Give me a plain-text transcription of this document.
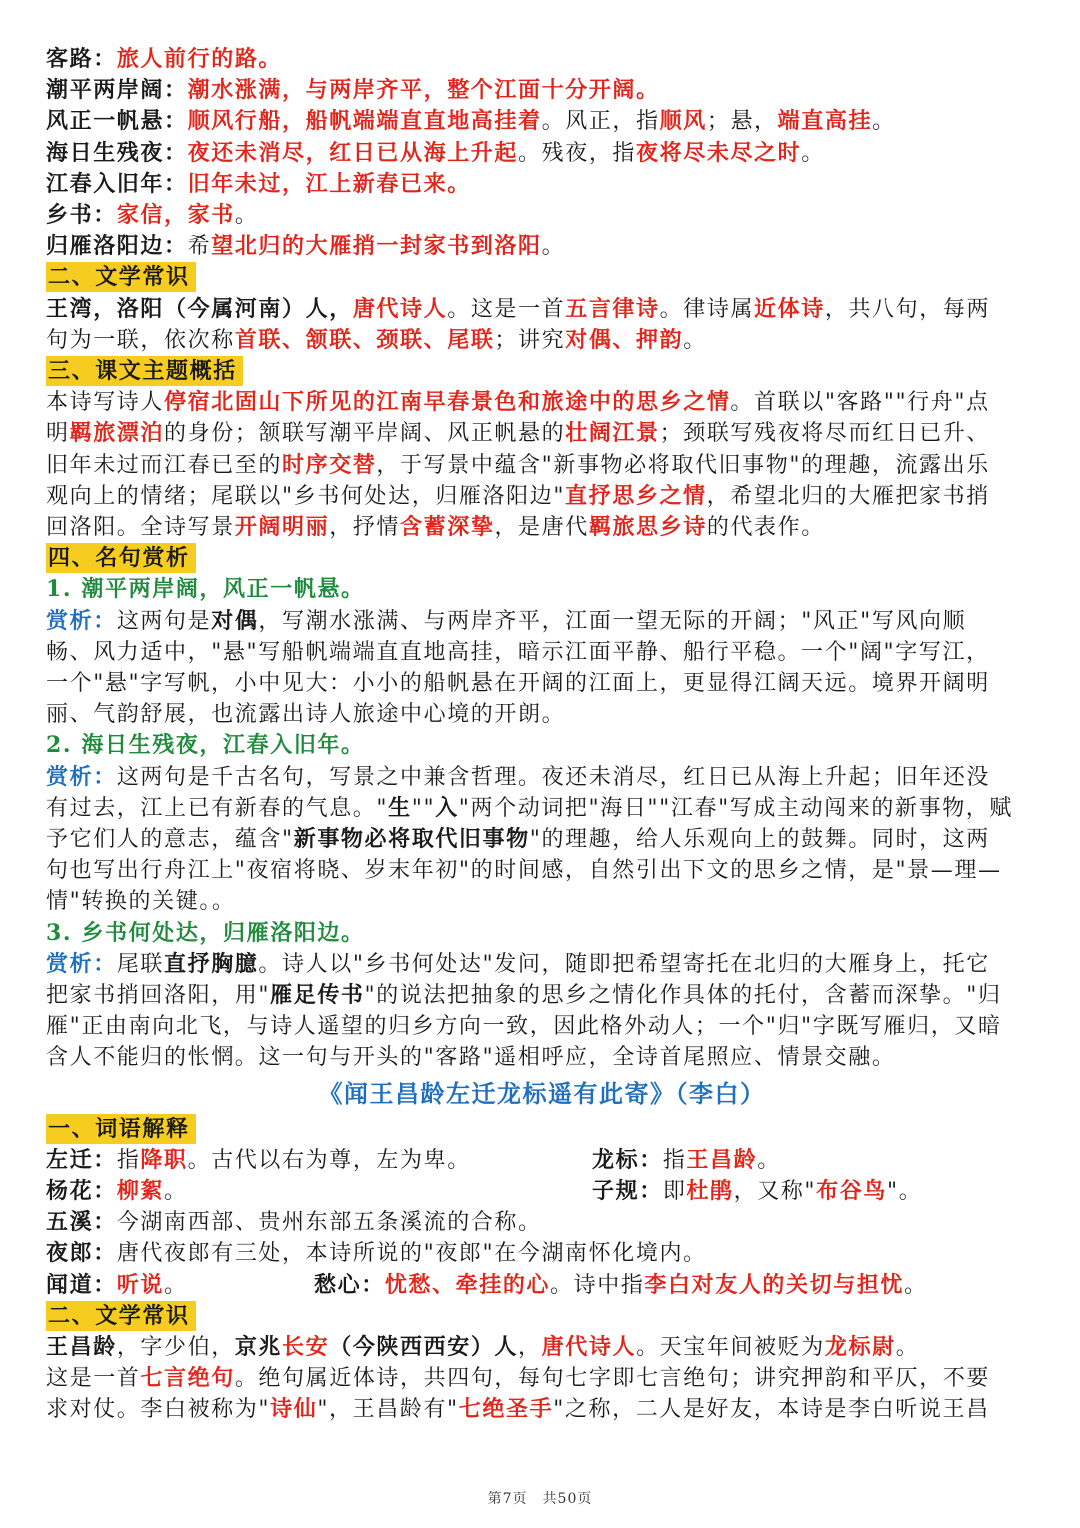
客路：旅人前行的路。
潮平两岸阔：潮水涨满，与两岸齐平，整个江面十分开阔。
风正一帆悬：顺风行船，船帆端端直直地高挂着。风正，指顺风；悬，端直高挂。
海日生残夜：夜还未消尽，红日已从海上升起。残夜，指夜将尽未尽之时。
江春入旧年：旧年未过，江上新春已来。
乡书：家信，家书。
归雁洛阳边：希望北归的大雁捎一封家书到洛阳。
二、文学常识
王湾，洛阳（今属河南）人，唐代诗人。这是一首五言律诗。律诗属近体诗，共八句，每两
句为一联，依次称首联、颔联、颈联、尾联；讲究对偶、押韵。
三、课文主题概括
本诗写诗人停宿北固山下所见的江南早春景色和旅途中的思乡之情。首联以"客路""行舟"点
明羁旅漂泊的身份；颔联写潮平岸阔、风正帆悬的壮阔江景；颈联写残夜将尽而红日已升、
旧年未过而江春已至的时序交替，于写景中蕴含"新事物必将取代旧事物"的理趣，流露出乐
观向上的情绪；尾联以"乡书何处达，归雁洛阳边"直抒思乡之情，希望北归的大雁把家书捎
回洛阳。全诗写景开阔明丽，抒情含蓄深挚，是唐代羁旅思乡诗的代表作。
四、名句赏析
1. 潮平两岸阔，风正一帆悬。
赏析：这两句是对偶，写潮水涨满、与两岸齐平，江面一望无际的开阔；"风正"写风向顺
畅、风力适中，"悬"写船帆端端直直地高挂，暗示江面平静、船行平稳。一个"阔"字写江，
一个"悬"字写帆，小中见大：小小的船帆悬在开阔的江面上，更显得江阔天远。境界开阔明
丽、气韵舒展，也流露出诗人旅途中心境的开朗。
2. 海日生残夜，江春入旧年。
赏析：这两句是千古名句，写景之中兼含哲理。夜还未消尽，红日已从海上升起；旧年还没
有过去，江上已有新春的气息。"生""入"两个动词把"海日""江春"写成主动闯来的新事物，赋
予它们人的意志，蕴含"新事物必将取代旧事物"的理趣，给人乐观向上的鼓舞。同时，这两
句也写出行舟江上"夜宿将晓、岁末年初"的时间感，自然引出下文的思乡之情，是"景—理—
情"转换的关键。。
3. 乡书何处达，归雁洛阳边。
赏析：尾联直抒胸臆。诗人以"乡书何处达"发问，随即把希望寄托在北归的大雁身上，托它
把家书捎回洛阳，用"雁足传书"的说法把抽象的思乡之情化作具体的托付，含蓄而深挚。"归
雁"正由南向北飞，与诗人遥望的归乡方向一致，因此格外动人；一个"归"字既写雁归，又暗
含人不能归的怅惘。这一句与开头的"客路"遥相呼应，全诗首尾照应、情景交融。
《闻王昌龄左迁龙标遥有此寄》（李白）
一、词语解释
左迁：指降职。古代以右为尊，左为卑。	龙标：指王昌龄。
杨花：柳絮。	子规：即杜鹃，又称"布谷鸟"。
五溪：今湖南西部、贵州东部五条溪流的合称。
夜郎：唐代夜郎有三处，本诗所说的"夜郎"在今湖南怀化境内。
闻道：听说。	愁心：忧愁、牵挂的心。诗中指李白对友人的关切与担忧。
二、文学常识
王昌龄，字少伯，京兆长安（今陕西西安）人，唐代诗人。天宝年间被贬为龙标尉。
这是一首七言绝句。绝句属近体诗，共四句，每句七字即七言绝句；讲究押韵和平仄，不要
求对仗。李白被称为"诗仙"，王昌龄有"七绝圣手"之称，二人是好友，本诗是李白听说王昌
第7页　共50页
